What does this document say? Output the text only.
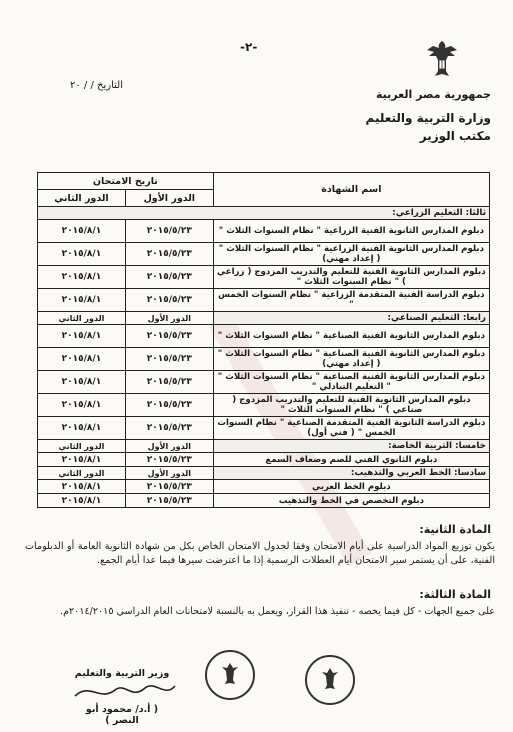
-٢-
جمهورية مصر العربية
وزارة التربية والتعليم
مكتب الوزير
التاريخ / / ٢٠
اسم الشهادة	تاريخ الامتحان	
	الدور الأول	الدور الثاني
ثالثا: التعليم الزراعي:		
دبلوم المدارس الثانوية الفنية الزراعية " نظام السنوات الثلاث "	٢٠١٥/٥/٢٣	٢٠١٥/٨/١
دبلوم المدارس الثانوية الفنية الزراعية " نظام السنوات الثلاث " ( إعداد مهني)	٢٠١٥/٥/٢٣	٢٠١٥/٨/١
دبلوم المدارس الثانوية الفنية للتعليم والتدريب المزدوج ( زراعي ) " نظام السنوات الثلاث "	٢٠١٥/٥/٢٣	٢٠١٥/٨/١
دبلوم الدراسة الفنية المتقدمة الزراعية " نظام السنوات الخمس "	٢٠١٥/٥/٢٣	٢٠١٥/٨/١
رابعا: التعليم الصناعي:	الدور الأول	الدور الثاني
دبلوم المدارس الثانوية الفنية الصناعية " نظام السنوات الثلاث "	٢٠١٥/٥/٢٣	٢٠١٥/٨/١
دبلوم المدارس الثانوية الفنية الصناعية " نظام السنوات الثلاث " ( إعداد مهني)	٢٠١٥/٥/٢٣	٢٠١٥/٨/١
دبلوم المدارس الثانوية الفنية الصناعية " نظام السنوات الثلاث " " التعليم التبادلي "	٢٠١٥/٥/٢٣	٢٠١٥/٨/١
دبلوم المدارس الثانوية الفنية للتعليم والتدريب المزدوج ( صناعي ) " نظام السنوات الثلاث "	٢٠١٥/٥/٢٣	٢٠١٥/٨/١
دبلوم الدراسة الثانوية الفنية المتقدمة الصناعية " نظام السنوات الخمس " ( فني أول)	٢٠١٥/٥/٢٣	٢٠١٥/٨/١
خامسا: التربية الخاصة:	الدور الأول	الدور الثاني
دبلوم الثانوي الفني للصم وضعاف السمع	٢٠١٥/٥/٢٣	٢٠١٥/٨/١
سادسا: الخط العربي والتذهيب:	الدور الأول	الدور الثاني
دبلوم الخط العربي	٢٠١٥/٥/٢٣	٢٠١٥/٨/١
دبلوم التخصص في الخط والتذهيب	٢٠١٥/٥/٢٣	٢٠١٥/٨/١
المادة الثانية:
يكون توزيع المواد الدراسية على أيام الامتحان وفقا لجدول الامتحان الخاص بكل من شهادة الثانوية العامة أو الدبلومات الفنية، على أن يستمر سير الامتحان أيام العطلات الرسمية إذا ما اعترضت سيرها فيما عدا أيام الجمع.
المادة الثالثة:
على جميع الجهات - كل فيما يخصه - تنفيذ هذا القرار، ويعمل به بالنسبة لامتحانات العام الدراسي ٢٠١٤/٢٠١٥م.
وزير التربية والتعليم
( أ.د/ محمود أبو النصر )
